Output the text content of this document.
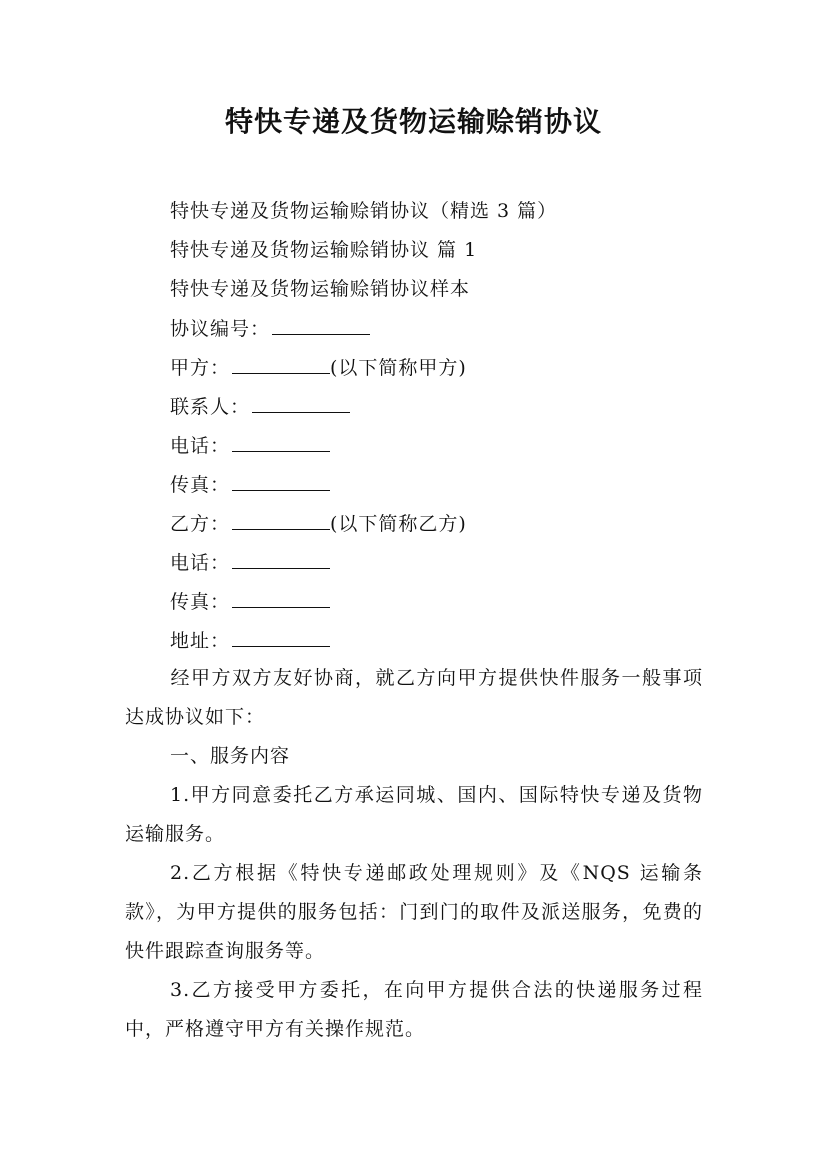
特快专递及货物运输赊销协议
特快专递及货物运输赊销协议（精选 3 篇）
特快专递及货物运输赊销协议 篇 1
特快专递及货物运输赊销协议样本
协议编号：
甲方：	(以下简称甲方)
联系人：
电话：
传真：
乙方：	(以下简称乙方)
电话：
传真：
地址：

经甲方双方友好协商，就乙方向甲方提供快件服务一般事项达成协议如下：

一、服务内容

1.甲方同意委托乙方承运同城、国内、国际特快专递及货物运输服务。

2.乙方根据《特快专递邮政处理规则》及《NQS 运输条款》，为甲方提供的服务包括：门到门的取件及派送服务，免费的快件跟踪查询服务等。

3.乙方接受甲方委托，在向甲方提供合法的快递服务过程中，严格遵守甲方有关操作规范。
